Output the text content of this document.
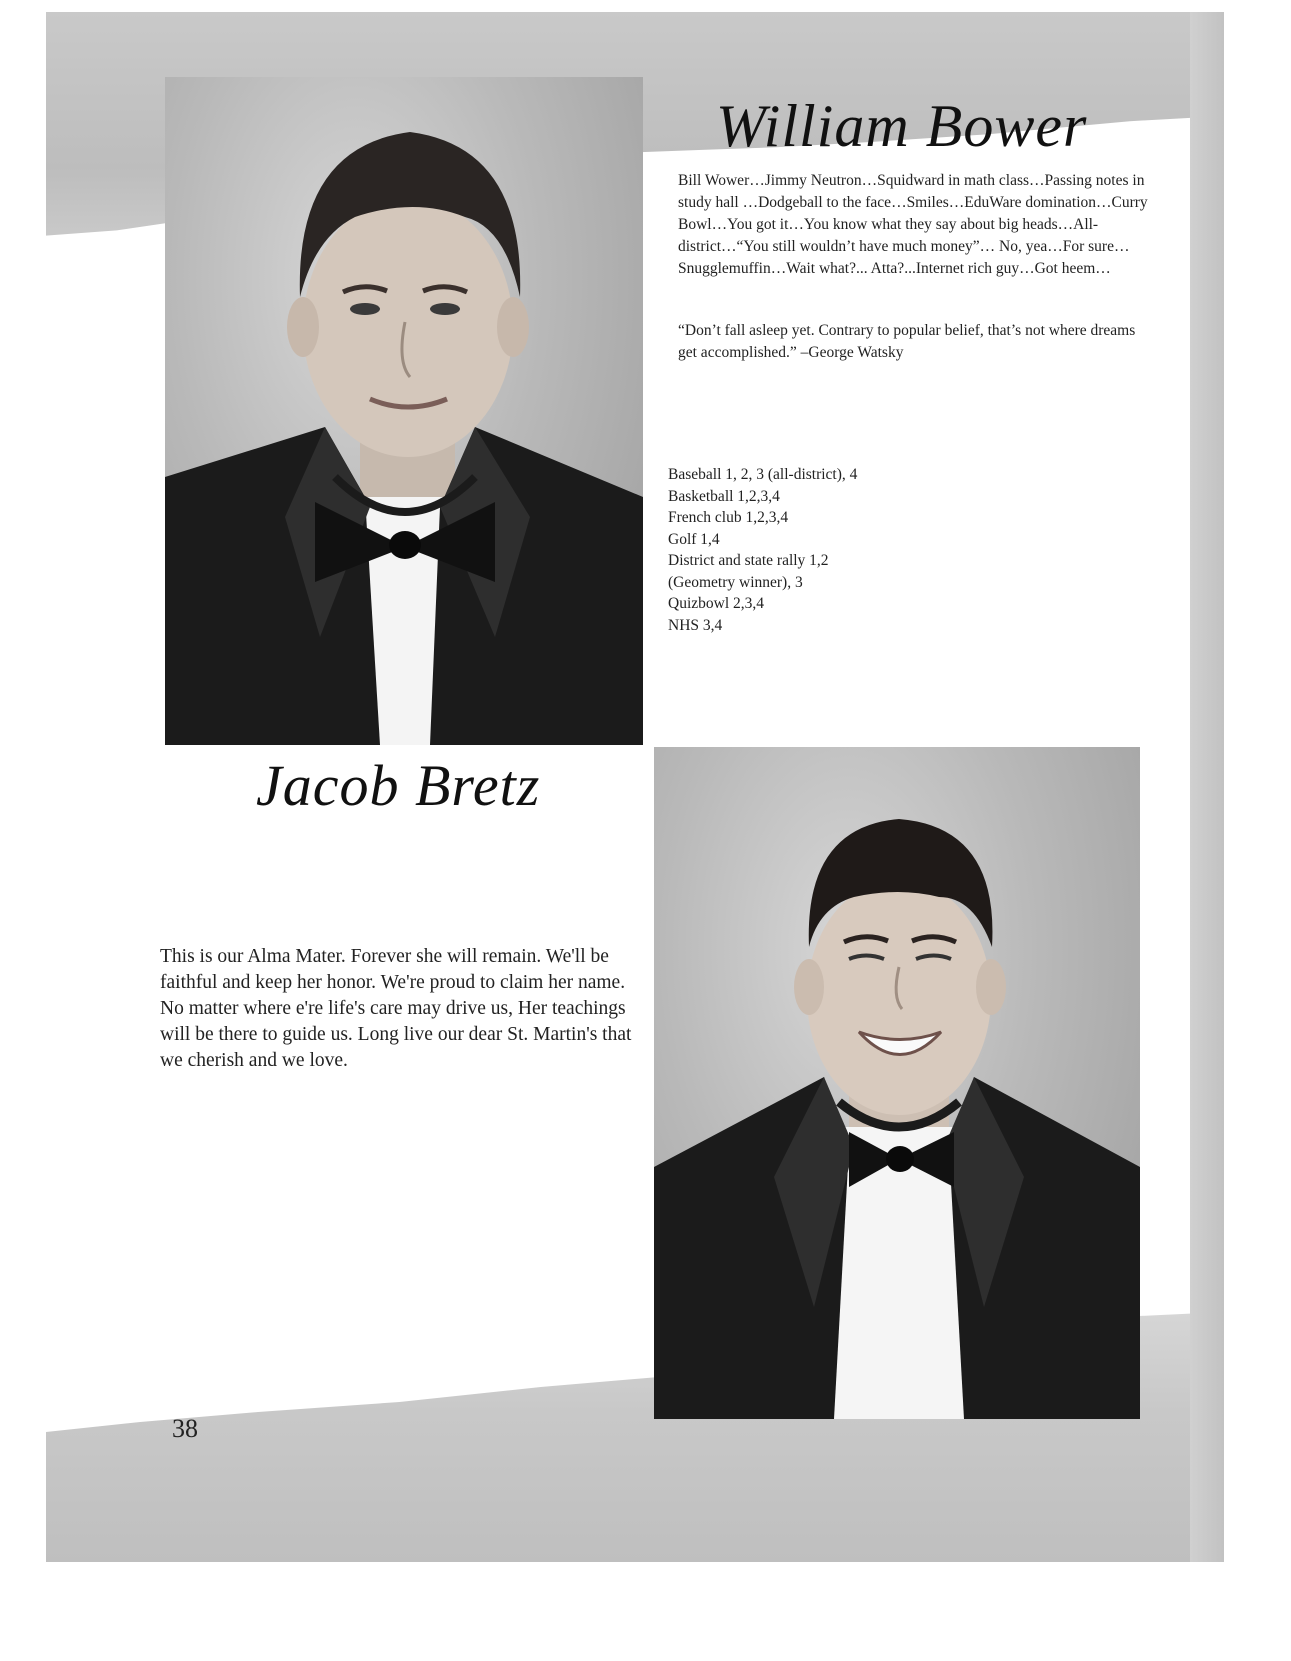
William Bower
Bill Wower…Jimmy Neutron…Squidward in math class…Passing notes in study hall …Dodgeball to the face…Smiles…EduWare domination…Curry Bowl…You got it…You know what they say about big heads…All-district…“You still wouldn’t have much money”… No, yea…For sure…Snugglemuffin…Wait what?... Atta?...Internet rich guy…Got heem…
“Don’t fall asleep yet. Contrary to popular belief, that’s not where dreams get accomplished.” –George Watsky
Baseball 1, 2, 3 (all-district), 4
Basketball 1,2,3,4
French club 1,2,3,4
Golf 1,4
District and state rally 1,2
(Geometry winner), 3
Quizbowl 2,3,4
NHS 3,4
Jacob Bretz
This is our Alma Mater. Forever she will remain. We'll be faithful and keep her honor. We're proud to claim her name. No matter where e're life's care may drive us, Her teachings will be there to guide us. Long live our dear St. Martin's that we cherish and we love.
38
